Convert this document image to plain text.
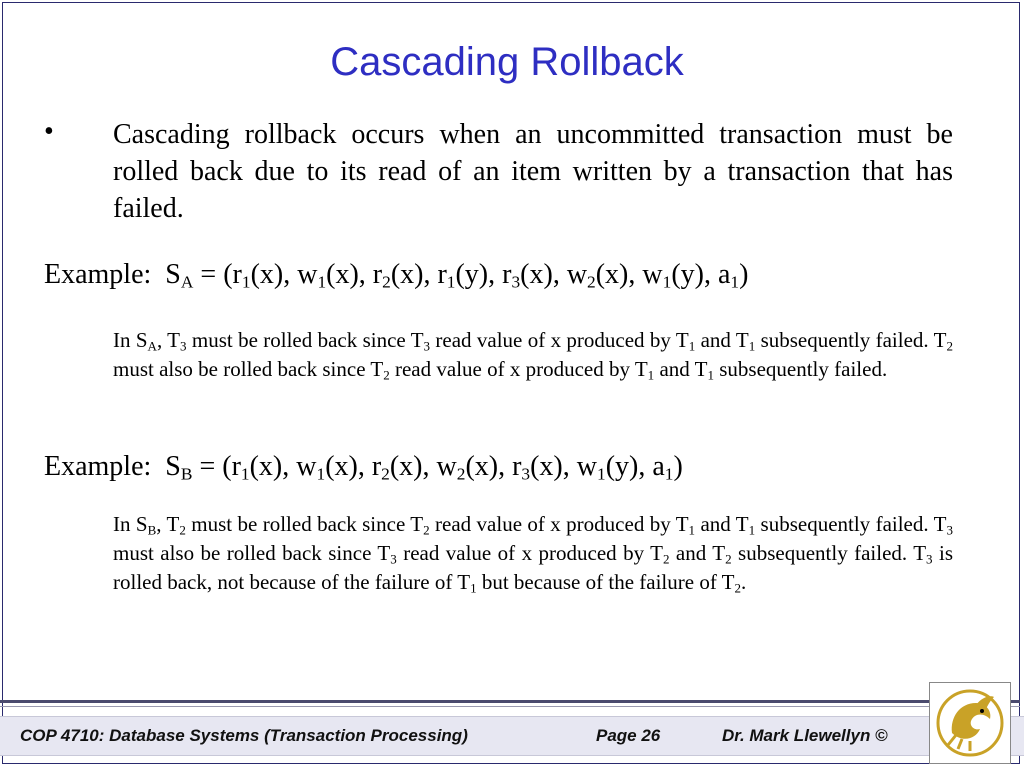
Cascading Rollback
• Cascading rollback occurs when an uncommitted transaction must be rolled back due to its read of an item written by a transaction that has failed.

Example: $S_A = (r_1(x)$, $w_1(x)$, $r_2(x)$, $r_1(y)$, $r_3(x)$, $w_2(x)$, $w_1(y)$, $a_1$)

In $S_A$, $T_3$ must be rolled back since $T_3$ read value of x produced by $T_1$ and $T_1$ subsequently failed. $T_2$ must also be rolled back since $T_2$ read value of x produced by $T_1$ and $T_1$ subsequently failed.

Example: $S_B = (r_1(x)$, $w_1(x)$, $r_2(x)$, $w_2(x)$, $r_3(x)$, $w_1(y)$, $a_1$)

In $S_B$, $T_2$ must be rolled back since $T_2$ read value of x produced by $T_1$ and $T_1$ subsequently failed. $T_3$ must also be rolled back since $T_3$ read value of x produced by $T_2$ and $T_2$ subsequently failed. $T_3$ is rolled back, not because of the failure of $T_1$ but because of the failure of $T_2$.

COP 4710: Database Systems (Transaction Processing)	Page 26	Dr. Mark Llewellyn ©
